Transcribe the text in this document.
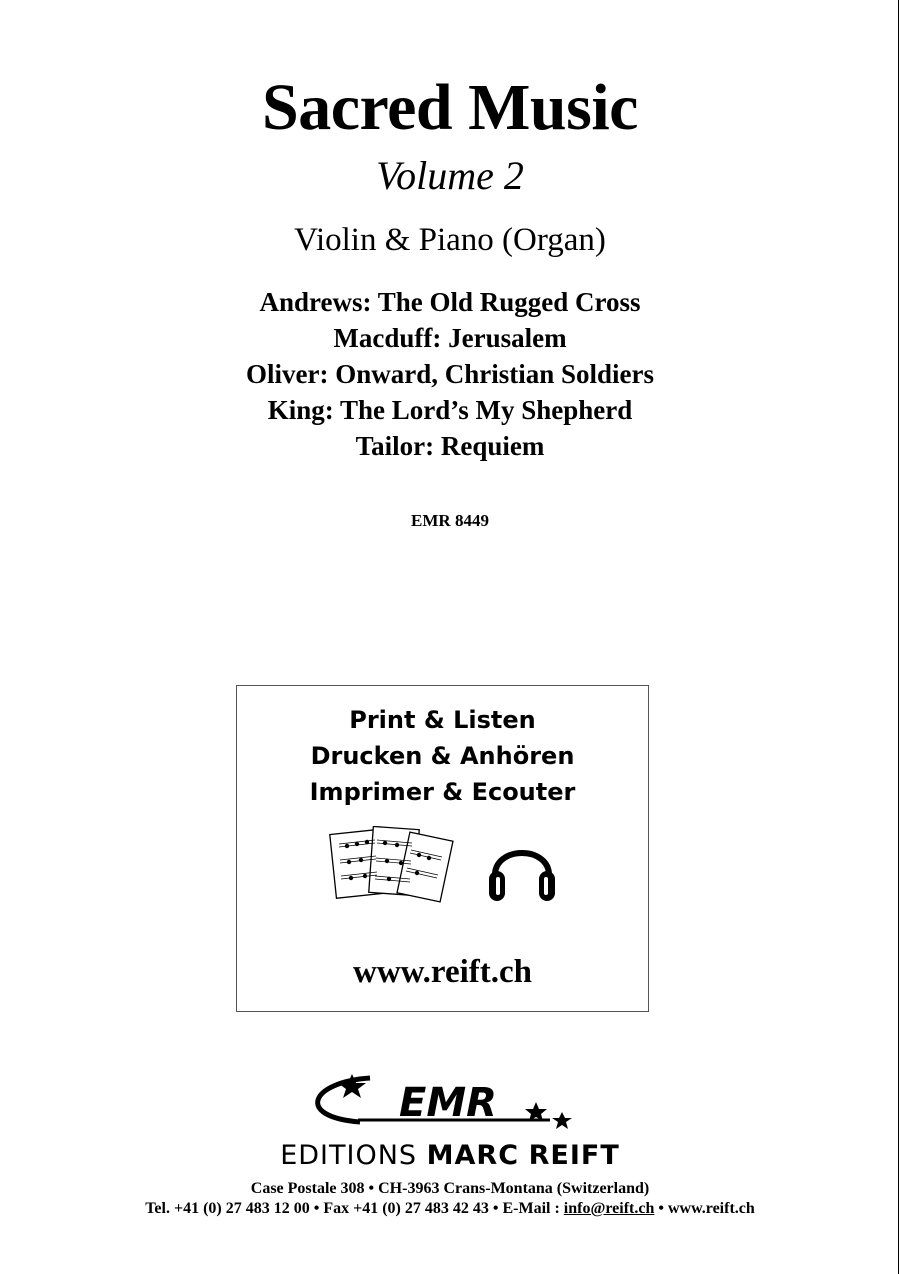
Sacred Music
Volume 2
Violin & Piano (Organ)
Andrews: The Old Rugged Cross
Macduff: Jerusalem
Oliver: Onward, Christian Soldiers
King: The Lord’s My Shepherd
Tailor: Requiem
EMR 8449
Print & Listen
Drucken & Anhören
Imprimer & Ecouter
www.reift.ch
EMR
EDITIONS MARC REIFT
Case Postale 308 • CH-3963 Crans-Montana (Switzerland)
Tel. +41 (0) 27 483 12 00 • Fax +41 (0) 27 483 42 43 • E-Mail : info@reift.ch • www.reift.ch
